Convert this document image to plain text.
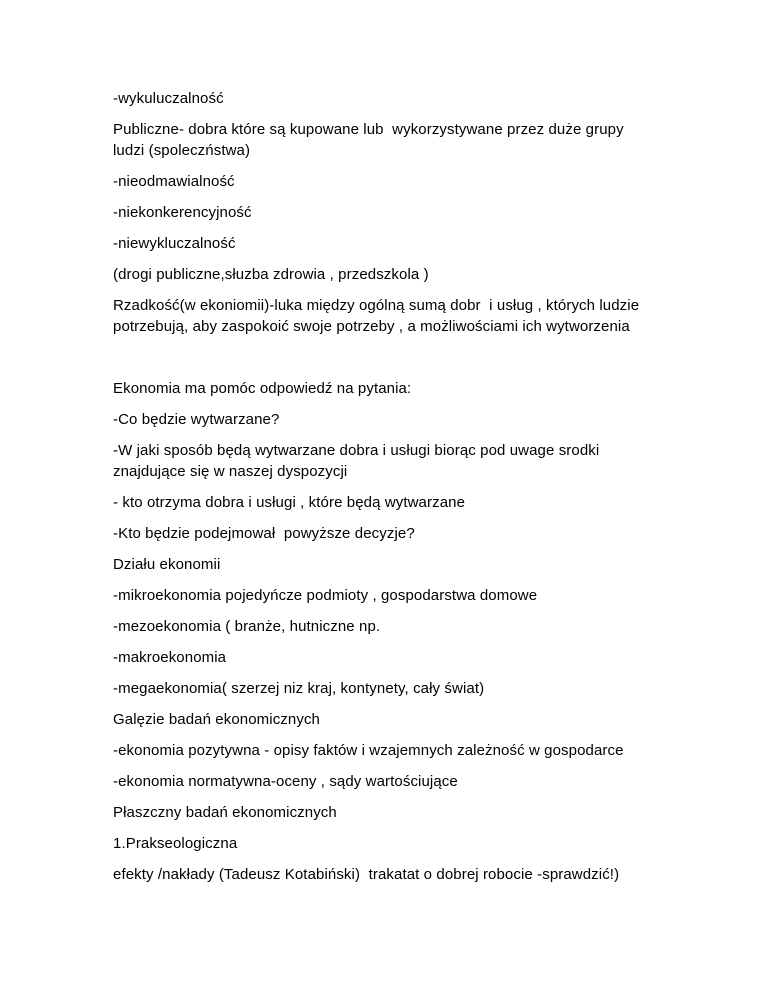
-wykuluczalność

Publiczne- dobra które są kupowane lub  wykorzystywane przez duże grupy ludzi (spoleczństwa)

-nieodmawialność

-niekonkerencyjność

-niewykluczalność

(drogi publiczne,słuzba zdrowia , przedszkola )

Rzadkość(w ekoniomii)-luka między ogólną sumą dobr  i usług , których ludzie potrzebują, aby zaspokoić swoje potrzeby , a możliwościami ich wytworzenia

Ekonomia ma pomóc odpowiedź na pytania:

-Co będzie wytwarzane?

-W jaki sposób będą wytwarzane dobra i usługi biorąc pod uwage srodki znajdujące się w naszej dyspozycji

- kto otrzyma dobra i usługi , które będą wytwarzane

-Kto będzie podejmował  powyższe decyzje?

Działu ekonomii

-mikroekonomia pojedyńcze podmioty , gospodarstwa domowe

-mezoekonomia ( branże, hutniczne np.

-makroekonomia

-megaekonomia( szerzej niz kraj, kontynety, cały świat)

Galęzie badań ekonomicznych

-ekonomia pozytywna - opisy faktów i wzajemnych zależność w gospodarce

-ekonomia normatywna-oceny , sądy wartościujące

Płaszczny badań ekonomicznych

1.Prakseologiczna

efekty /nakłady (Tadeusz Kotabiński)  trakatat o dobrej robocie -sprawdzić!)
